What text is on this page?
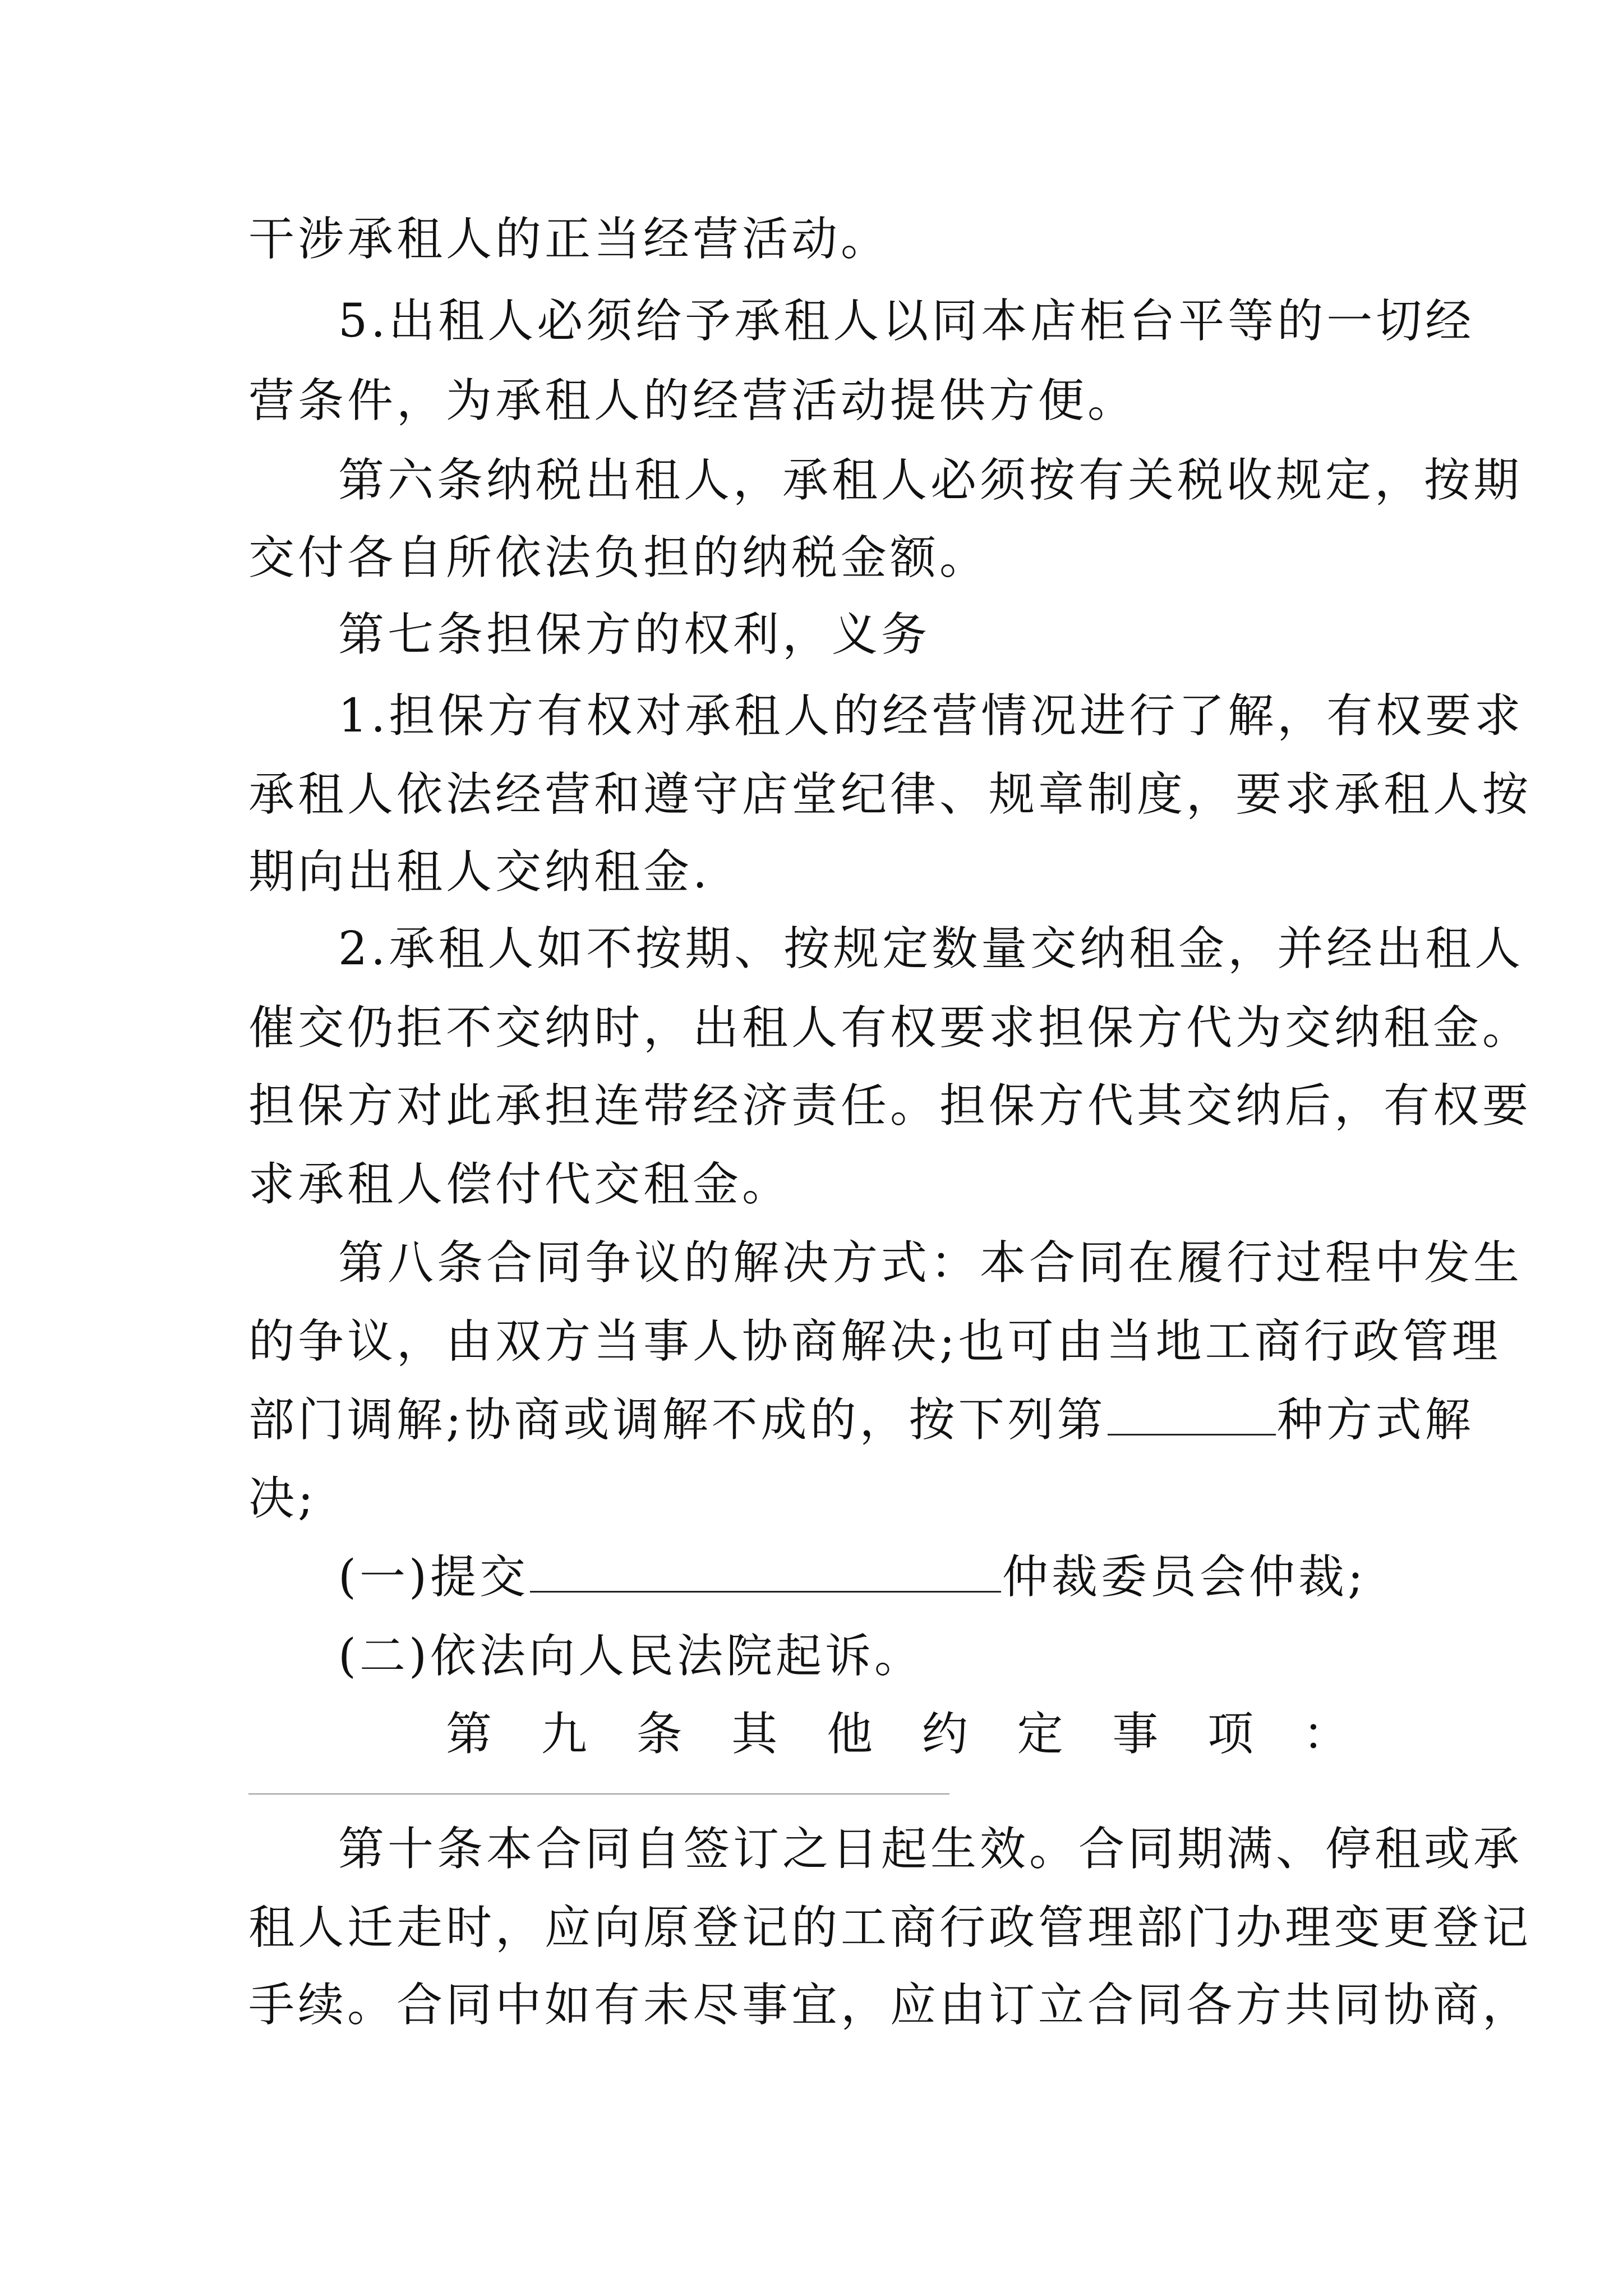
干涉承租人的正当经营活动。
5.出租人必须给予承租人以同本店柜台平等的一切经
营条件，为承租人的经营活动提供方便。
第六条纳税出租人，承租人必须按有关税收规定，按期
交付各自所依法负担的纳税金额。
第七条担保方的权利，义务
1.担保方有权对承租人的经营情况进行了解，有权要求
承租人依法经营和遵守店堂纪律、规章制度，要求承租人按
期向出租人交纳租金.
2.承租人如不按期、按规定数量交纳租金，并经出租人
催交仍拒不交纳时，出租人有权要求担保方代为交纳租金。
担保方对此承担连带经济责任。担保方代其交纳后，有权要
求承租人偿付代交租金。
第八条合同争议的解决方式：本合同在履行过程中发生
的争议，由双方当事人协商解决;也可由当地工商行政管理
部门调解;协商或调解不成的，按下列第	种方式解
决;
(一)提交	仲裁委员会仲裁;
(二)依法向人民法院起诉。
第 九 条 其 他 约 定 事 项 ：
第十条本合同自签订之日起生效。合同期满、停租或承
租人迁走时，应向原登记的工商行政管理部门办理变更登记
手续。合同中如有未尽事宜，应由订立合同各方共同协商，
